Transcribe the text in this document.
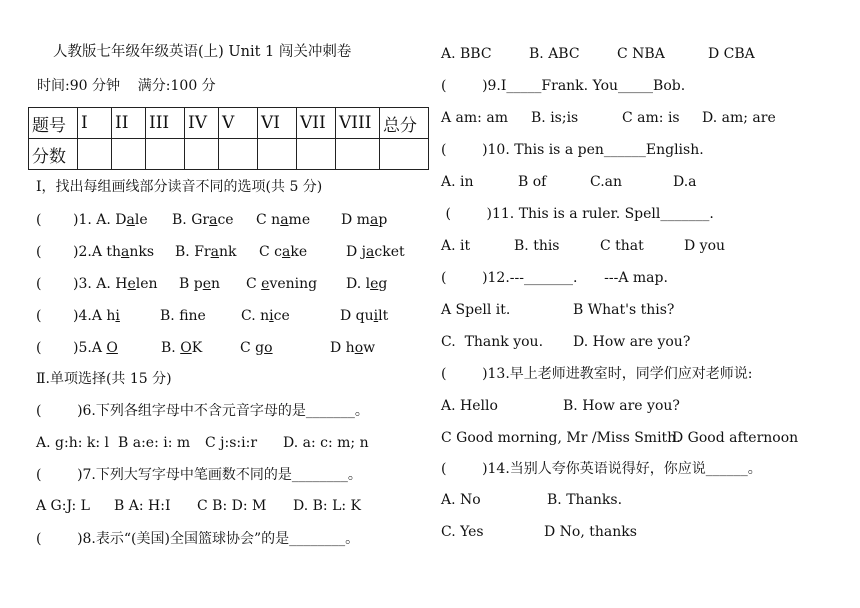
人教版七年级年级英语(上) Unit 1 闯关冲刺卷
时间:90 分钟    满分:100 分
题号	I	II	III	IV	V	VI	VII	VIII	总分
分数									
I，找出每组画线部分读音不同的选项(共 5 分)
( )1. A. Dale B. Grace C name D map
( )2.A thanks B. Frank C cake	D jacket
( )3. A. Helen B pen C evening D. leg
( )4.A hi	B. fne	C. nice	D quilt
( )5.A O	B. OK	C go	D how
Ⅱ.单项选择(共 15 分)
(        )6.下列各组字母中不含元音字母的是_______。
A. g:h: k: l B a:e: i: m C j:s:i:r D. a: c: m; n
(        )7.下列大写字母中笔画数不同的是________。
A G:J: L B A: H:I C B: D: M D. B: L: K
(        )8.表示“(美国)全国篮球协会”的是________。
A. BBC	B. ABC	C NBA	D CBA
(        )9.I_____Frank. You_____Bob.
A am: am B. is;is	C am: is D. am; are
(        )10. This is a pen______English.
A. in	B of	C.an	D.a
(        )11. This is a ruler. Spell_______.
A. it	B. this	C that	D you
(        )12.---_______.      ---A map.
A Spell it.	B What's this?
C.  Thank you. D. How are you?
(        )13.早上老师进教室时，同学们应对老师说:
A. Hello	B. How are you?
C Good morning, Mr /Miss Smith.
D Good afternoon
(        )14.当别人夸你英语说得好，你应说______。
A. No	B. Thanks.
C. Yes	D No, thanks
